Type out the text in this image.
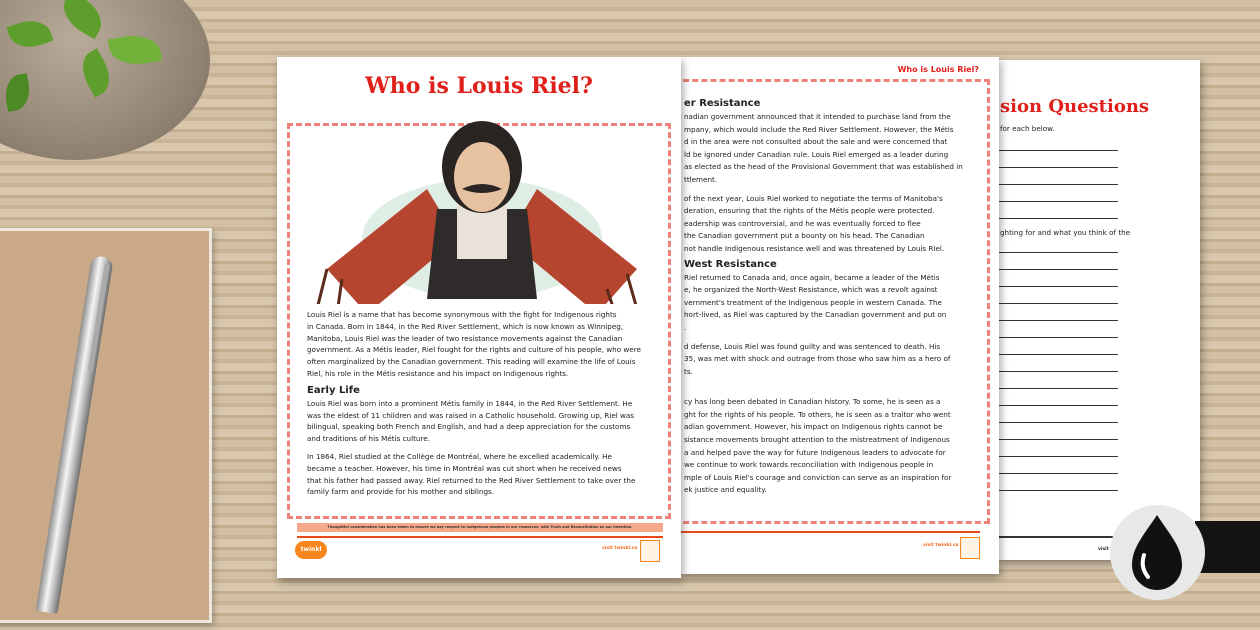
Who is Louis Riel?
Louis Riel is a name that has become synonymous with the fight for Indigenous rights
in Canada. Born in 1844, in the Red River Settlement, which is now known as Winnipeg,
Manitoba, Louis Riel was the leader of two resistance movements against the Canadian
government. As a Métis leader, Riel fought for the rights and culture of his people, who were
often marginalized by the Canadian government. This reading will examine the life of Louis
Riel, his role in the Métis resistance and his impact on Indigenous rights.
Early Life
Louis Riel was born into a prominent Métis family in 1844, in the Red River Settlement. He
was the eldest of 11 children and was raised in a Catholic household. Growing up, Riel was
bilingual, speaking both French and English, and had a deep appreciation for the customs
and traditions of his Métis culture.
In 1864, Riel studied at the Collège de Montréal, where he excelled academically. He
became a teacher. However, his time in Montréal was cut short when he received news
that his father had passed away. Riel returned to the Red River Settlement to take over the
family farm and provide for his mother and siblings.
Thoughtful consideration has been taken to ensure we pay respect to Indigenous peoples in our resources, with Truth and Reconciliation as our intention.
twinkl	visit twinkl.ca
Who is Louis Riel?
er Resistance
nadian government announced that it intended to purchase land from the
mpany, which would include the Red River Settlement. However, the Métis
d in the area were not consulted about the sale and were concerned that
ld be ignored under Canadian rule. Louis Riel emerged as a leader during
as elected as the head of the Provisional Government that was established in
ttlement.
of the next year, Louis Riel worked to negotiate the terms of Manitoba's
deration, ensuring that the rights of the Métis people were protected.
eadership was controversial, and he was eventually forced to flee
the Canadian government put a bounty on his head. The Canadian
not handle Indigenous resistance well and was threatened by Louis Riel.
West Resistance
Riel returned to Canada and, once again, became a leader of the Métis
e, he organized the North-West Resistance, which was a revolt against
vernment's treatment of the Indigenous people in western Canada. The
hort-lived, as Riel was captured by the Canadian government and put on
.
d defense, Louis Riel was found guilty and was sentenced to death. His
35, was met with shock and outrage from those who saw him as a hero of
ts.
cy has long been debated in Canadian history. To some, he is seen as a
ght for the rights of his people. To others, he is seen as a traitor who went
adian government. However, his impact on Indigenous rights cannot be
sistance movements brought attention to the mistreatment of Indigenous
a and helped pave the way for future Indigenous leaders to advocate for
we continue to work towards reconciliation with Indigenous people in
mple of Louis Riel's courage and conviction can serve as an inspiration for
ek justice and equality.
visit twinkl.ca
sion Questions
for each below.
ghting for and what you think of the
visit
